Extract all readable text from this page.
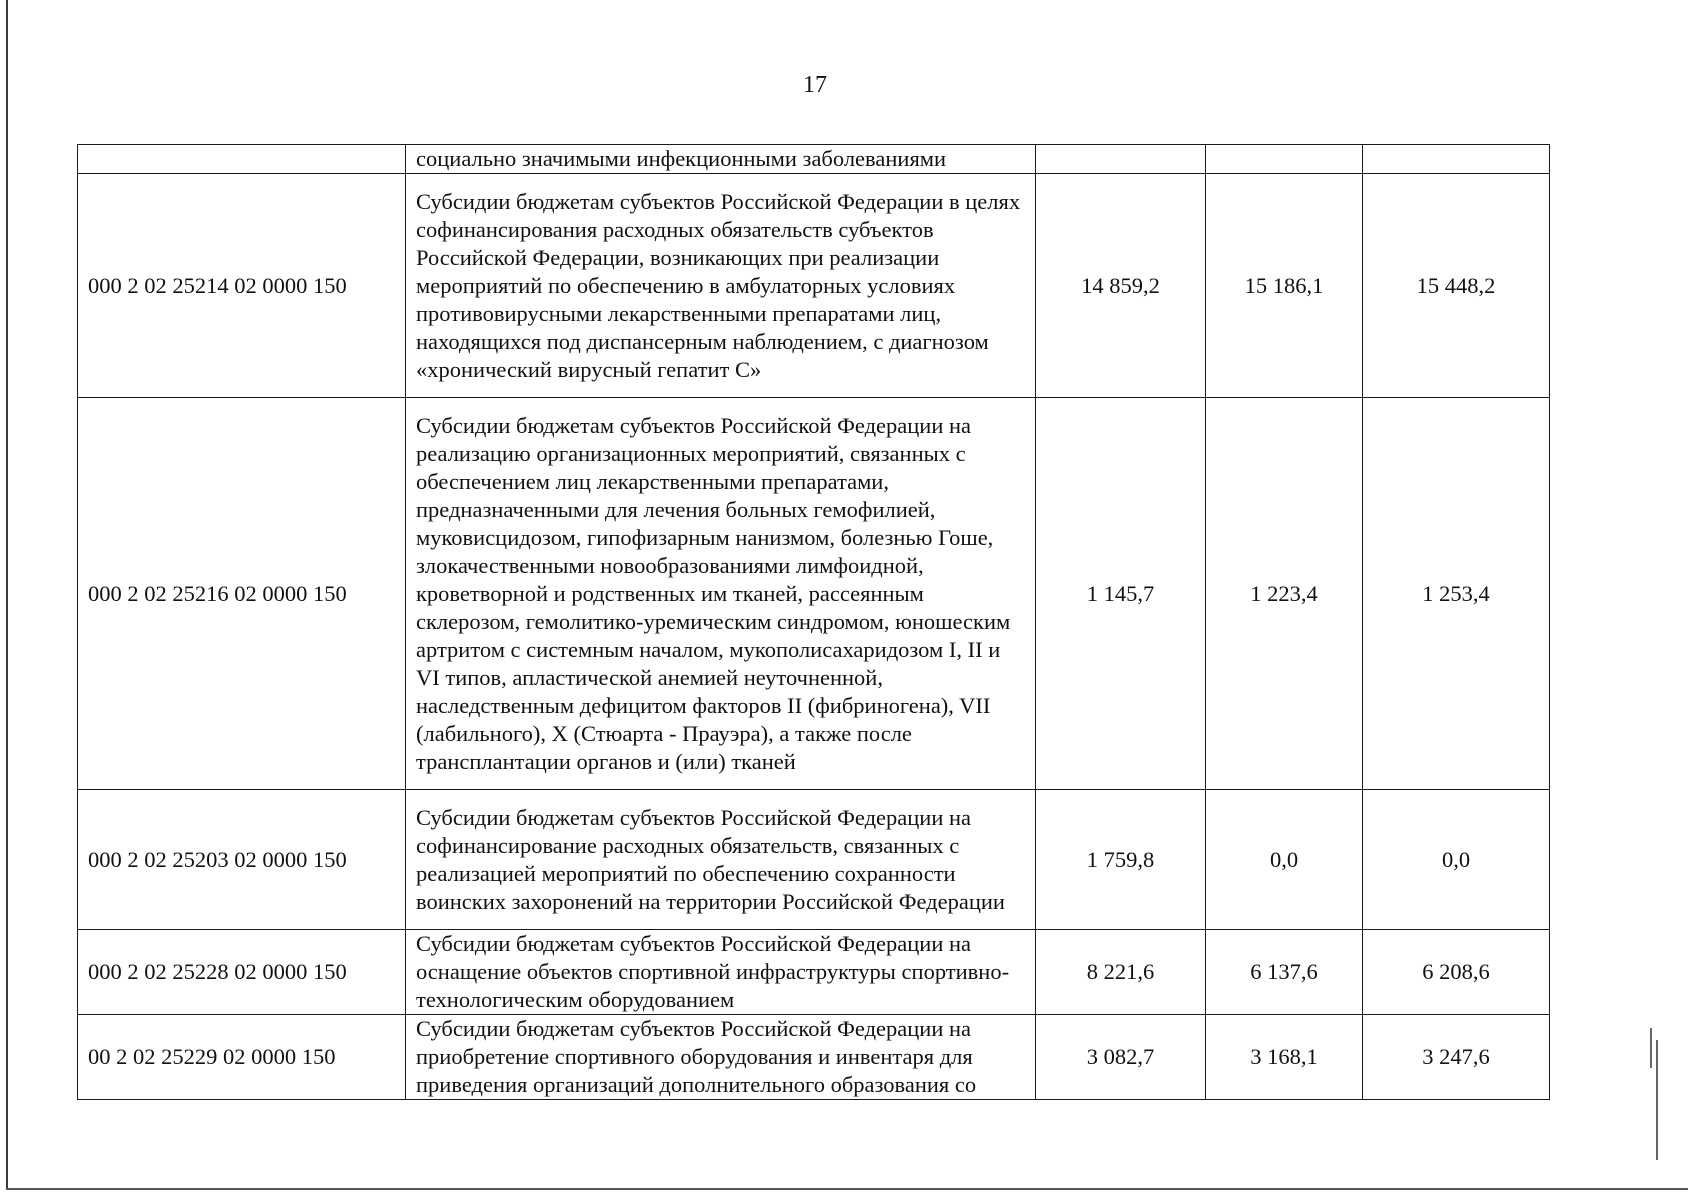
17
	социально значимыми инфекционными заболеваниями			
000 2 02 25214 02 0000 150	Субсидии бюджетам субъектов Российской Федерации в целях софинансирования расходных обязательств субъектов Российской Федерации, возникающих при реализации мероприятий по обеспечению в амбулаторных условиях противовирусными лекарственными препаратами лиц, находящихся под диспансерным наблюдением, с диагнозом «хронический вирусный гепатит С»	14 859,2	15 186,1	15 448,2
000 2 02 25216 02 0000 150	Субсидии бюджетам субъектов Российской Федерации на реализацию организационных мероприятий, связанных с обеспечением лиц лекарственными препаратами, предназначенными для лечения больных гемофилией, муковисцидозом, гипофизарным нанизмом, болезнью Гоше, злокачественными новообразованиями лимфоидной, кроветворной и родственных им тканей, рассеянным склерозом, гемолитико-уремическим синдромом, юношеским артритом с системным началом, мукополисахаридозом I, II и VI типов, апластической анемией неуточненной, наследственным дефицитом факторов II (фибриногена), VII (лабильного), X (Стюарта - Прауэра), а также после трансплантации органов и (или) тканей	1 145,7	1 223,4	1 253,4
000 2 02 25203 02 0000 150	Субсидии бюджетам субъектов Российской Федерации на софинансирование расходных обязательств, связанных с реализацией мероприятий по обеспечению сохранности воинских захоронений на территории Российской Федерации	1 759,8	0,0	0,0
000 2 02 25228 02 0000 150	Субсидии бюджетам субъектов Российской Федерации на оснащение объектов спортивной инфраструктуры спортивно-технологическим оборудованием	8 221,6	6 137,6	6 208,6
00 2 02 25229 02 0000 150	Субсидии бюджетам субъектов Российской Федерации на приобретение спортивного оборудования и инвентаря для приведения организаций дополнительного образования со	3 082,7	3 168,1	3 247,6
